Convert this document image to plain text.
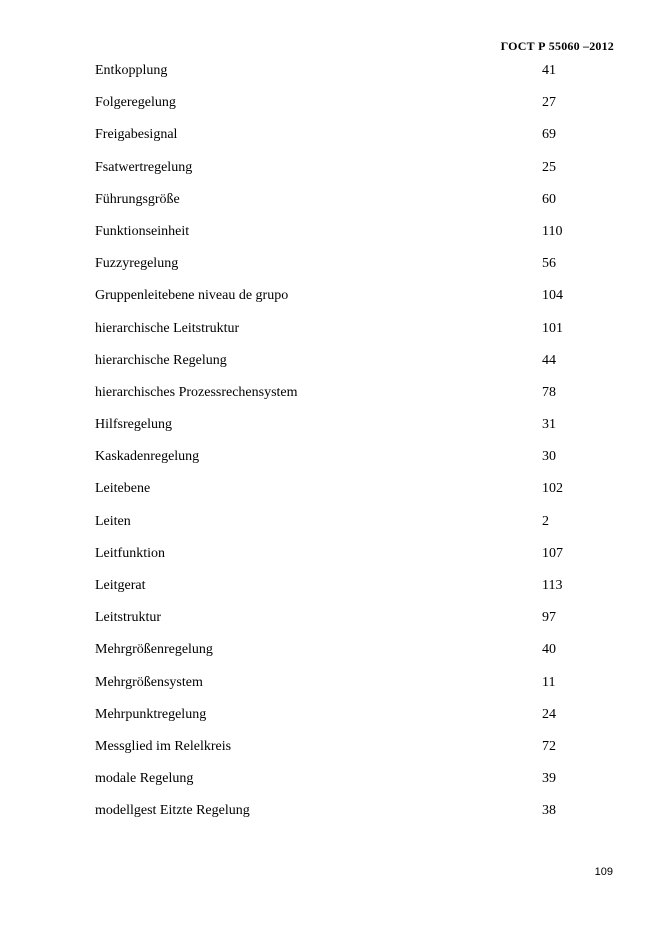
ГОСТ Р 55060 –2012
Entkopplung	41
Folgeregelung	27
Freigabesignal	69
Fsatwertregelung	25
Führungsgröße	60
Funktionseinheit	110
Fuzzyregelung	56
Gruppenleitebene niveau de grupo	104
hierarchische Leitstruktur	101
hierarchische Regelung	44
hierarchisches Prozessrechensystem	78
Hilfsregelung	31
Kaskadenregelung	30
Leitebene	102
Leiten	2
Leitfunktion	107
Leitgerat	113
Leitstruktur	97
Mehrgrößenregelung	40
Mehrgrößensystem	11
Mehrpunktregelung	24
Messglied im Relelkreis	72
modale Regelung	39
modellgest Eitzte Regelung	38
109
